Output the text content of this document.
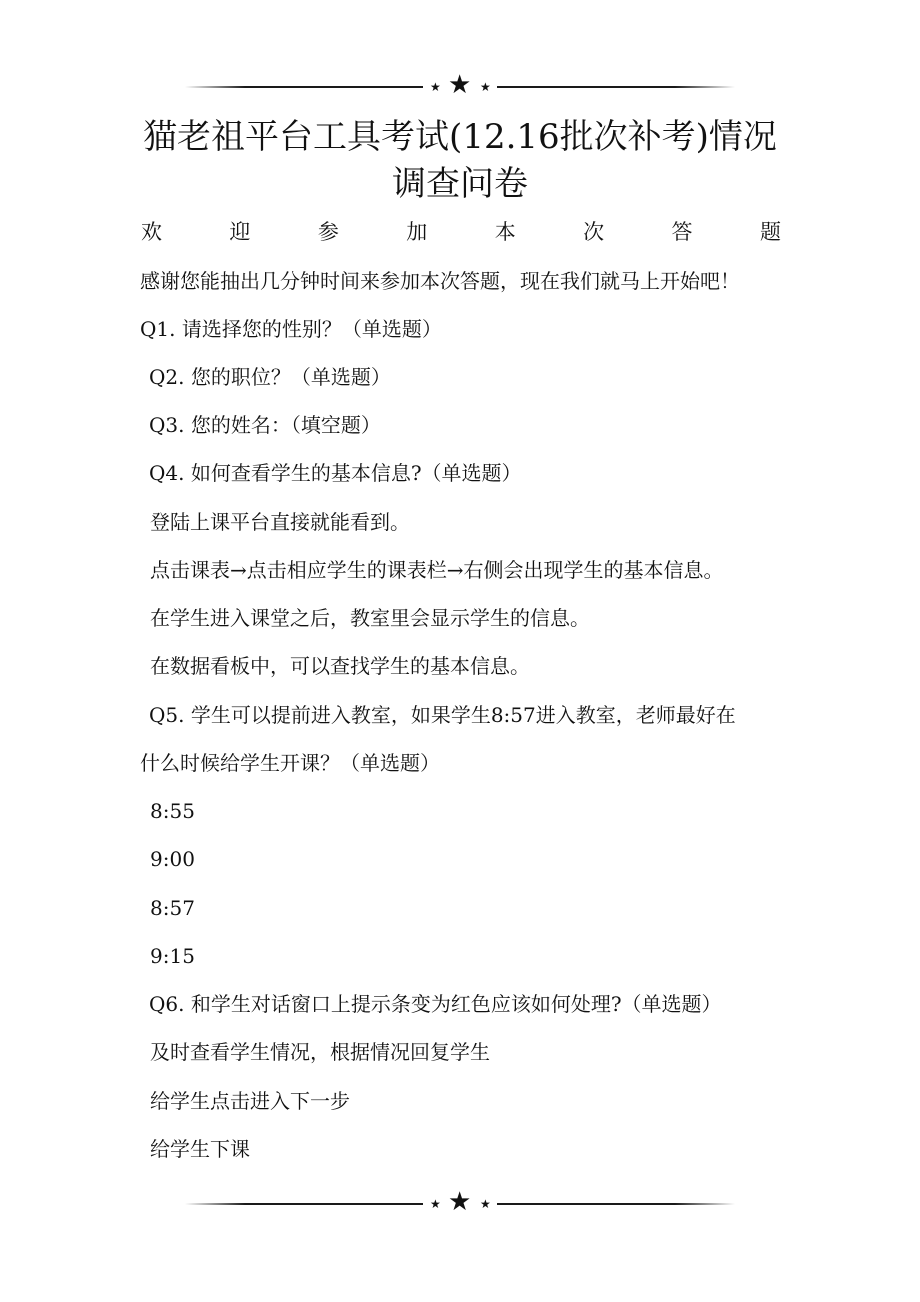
★ ★ ★
猫老祖平台工具考试(12.16批次补考)情况
调查问卷
欢	迎	参	加	本	次	答	题

感谢您能抽出几分钟时间来参加本次答题，现在我们就马上开始吧！

Q1. 请选择您的性别？（单选题）

Q2. 您的职位？（单选题）

Q3. 您的姓名：（填空题）

Q4. 如何查看学生的基本信息?（单选题）

登陆上课平台直接就能看到。

点击课表→点击相应学生的课表栏→右侧会出现学生的基本信息。

在学生进入课堂之后，教室里会显示学生的信息。

在数据看板中，可以查找学生的基本信息。

Q5. 学生可以提前进入教室，如果学生8:57进入教室，老师最好在

什么时候给学生开课？（单选题）

8:55

9:00

8:57

9:15

Q6. 和学生对话窗口上提示条变为红色应该如何处理?（单选题）

及时查看学生情况，根据情况回复学生

给学生点击进入下一步

给学生下课

★ ★ ★
